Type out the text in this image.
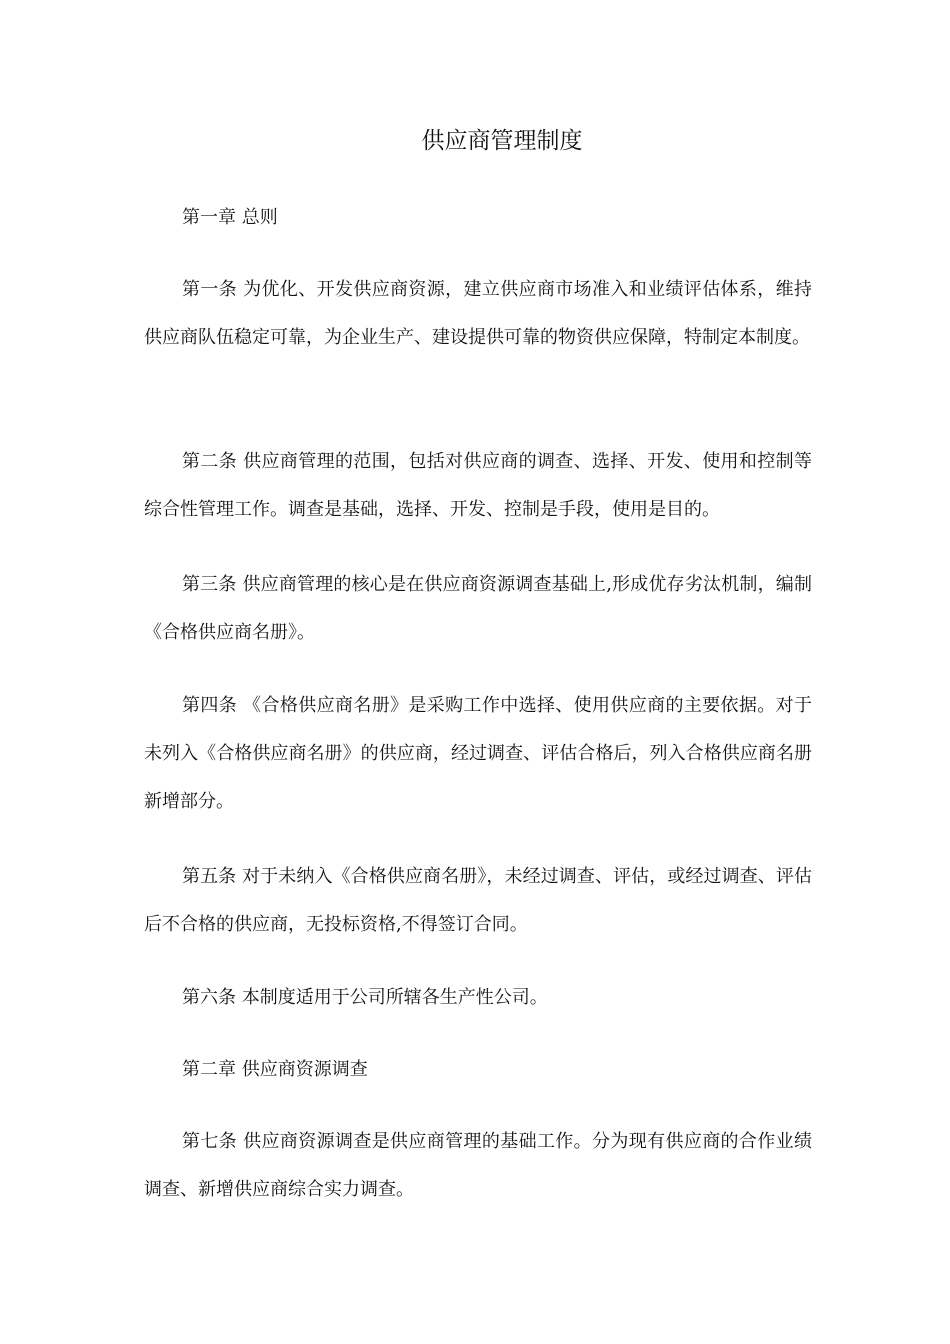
供应商管理制度
第一章 总则
第一条 为优化、开发供应商资源，建立供应商市场准入和业绩评估体系，维持供应商队伍稳定可靠，为企业生产、建设提供可靠的物资供应保障，特制定本制度。
第二条 供应商管理的范围，包括对供应商的调查、选择、开发、使用和控制等综合性管理工作。调查是基础，选择、开发、控制是手段，使用是目的。
第三条 供应商管理的核心是在供应商资源调查基础上,形成优存劣汰机制，编制《合格供应商名册》。
第四条 《合格供应商名册》是采购工作中选择、使用供应商的主要依据。对于未列入《合格供应商名册》的供应商，经过调查、评估合格后，列入合格供应商名册新增部分。
第五条 对于未纳入《合格供应商名册》，未经过调查、评估，或经过调查、评估后不合格的供应商，无投标资格,不得签订合同。
第六条 本制度适用于公司所辖各生产性公司。
第二章 供应商资源调查
第七条 供应商资源调查是供应商管理的基础工作。分为现有供应商的合作业绩调查、新增供应商综合实力调查。
